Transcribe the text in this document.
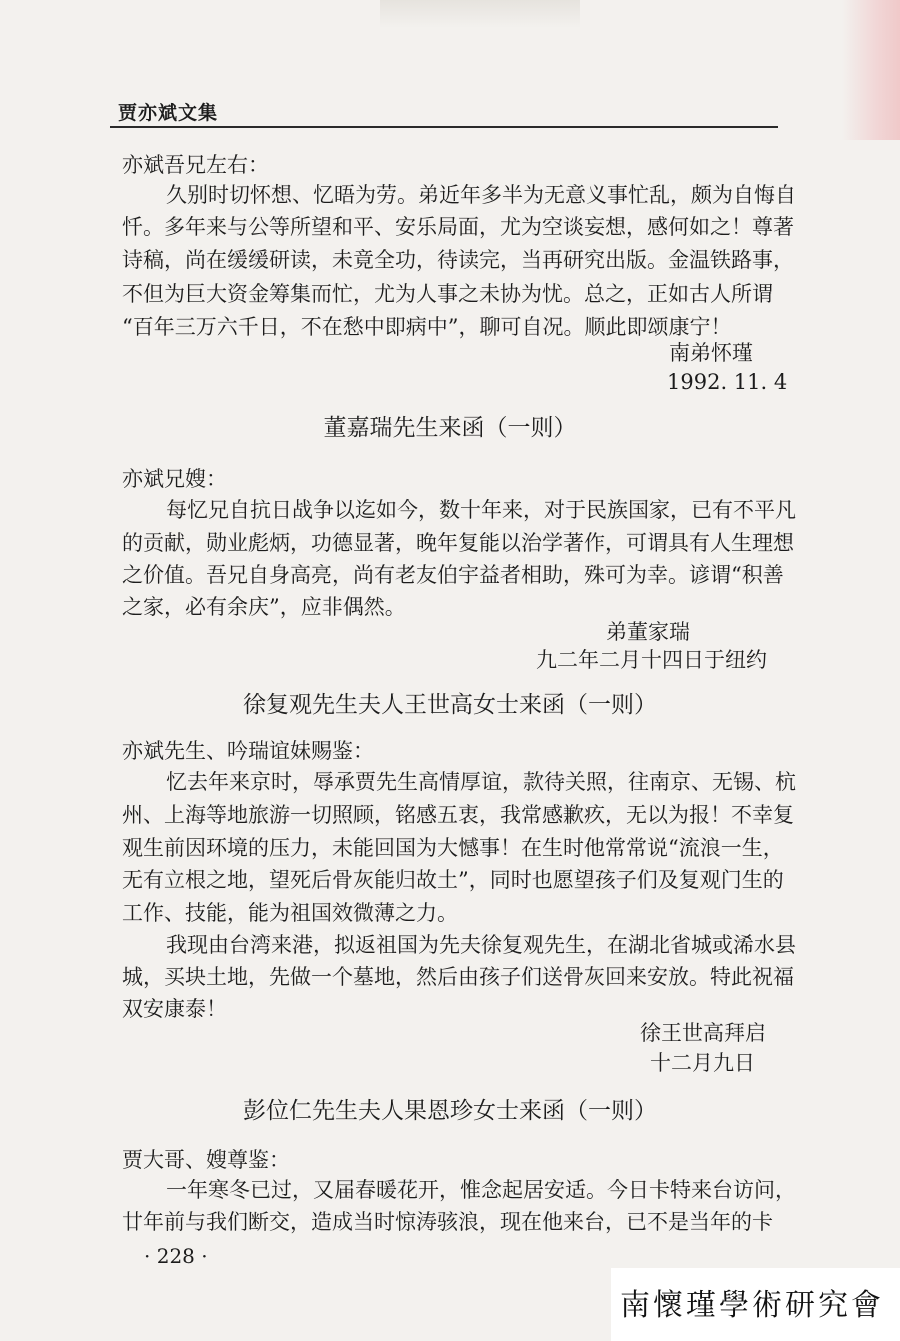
贾亦斌文集
亦斌吾兄左右：
久别时切怀想、忆晤为劳。弟近年多半为无意义事忙乱，颇为自悔自
忏。多年来与公等所望和平、安乐局面，尤为空谈妄想，感何如之！尊著
诗稿，尚在缓缓研读，未竟全功，待读完，当再研究出版。金温铁路事，
不但为巨大资金筹集而忙，尤为人事之未协为忧。总之，正如古人所谓
“百年三万六千日，不在愁中即病中”，聊可自况。顺此即颂康宁！
南弟怀瑾
1992. 11. 4
董嘉瑞先生来函（一则）
亦斌兄嫂：
每忆兄自抗日战争以迄如今，数十年来，对于民族国家，已有不平凡
的贡献，勋业彪炳，功德显著，晚年复能以治学著作，可谓具有人生理想
之价值。吾兄自身高亮，尚有老友伯宇益者相助，殊可为幸。谚谓“积善
之家，必有余庆”，应非偶然。
弟董家瑞
九二年二月十四日于纽约
徐复观先生夫人王世高女士来函（一则）
亦斌先生、吟瑞谊妹赐鉴：
忆去年来京时，辱承贾先生高情厚谊，款待关照，往南京、无锡、杭
州、上海等地旅游一切照顾，铭感五衷，我常感歉疚，无以为报！不幸复
观生前因环境的压力，未能回国为大憾事！在生时他常常说“流浪一生，
无有立根之地，望死后骨灰能归故土”，同时也愿望孩子们及复观门生的
工作、技能，能为祖国效微薄之力。
我现由台湾来港，拟返祖国为先夫徐复观先生，在湖北省城或浠水县
城，买块土地，先做一个墓地，然后由孩子们送骨灰回来安放。特此祝福
双安康泰！
徐王世高拜启
十二月九日
彭位仁先生夫人果恩珍女士来函（一则）
贾大哥、嫂尊鉴：
一年寒冬已过，又届春暖花开，惟念起居安适。今日卡特来台访问，
廿年前与我们断交，造成当时惊涛骇浪，现在他来台，已不是当年的卡
· 228 ·
南懷瑾學術研究會
